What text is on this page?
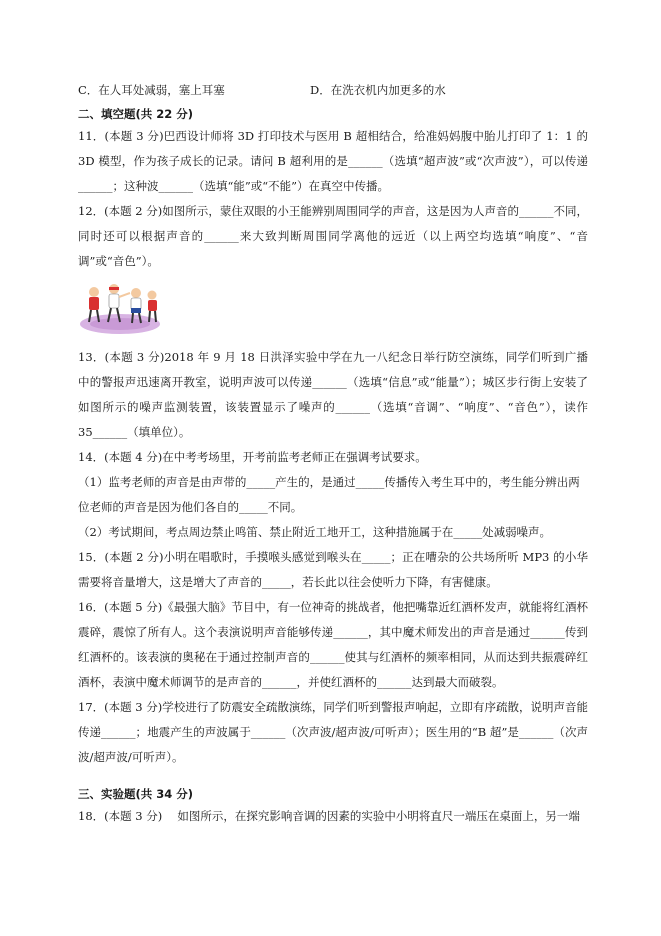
C．在人耳处减弱，塞上耳塞	D．在洗衣机内加更多的水
二、填空题(共 22 分)

11．(本题 3 分)巴西设计师将 3D 打印技术与医用 B 超相结合，给准妈妈腹中胎儿打印了 1：1 的 3D 模型，作为孩子成长的记录。请问 B 超利用的是______（选填“超声波”或“次声波”），可以传递______；这种波______（选填“能”或“不能”）在真空中传播。

12．(本题 2 分)如图所示，蒙住双眼的小王能辨别周围同学的声音，这是因为人声音的______不同，同时还可以根据声音的______来大致判断周围同学离他的远近（以上两空均选填“响度”、“音调”或“音色”）。

13．(本题 3 分)2018 年 9 月 18 日洪泽实验中学在九一八纪念日举行防空演练，同学们听到广播中的警报声迅速离开教室，说明声波可以传递______（选填“信息”或“能量”）；城区步行街上安装了如图所示的噪声监测装置，该装置显示了噪声的______（选填“音调”、“响度”、“音色”），读作 35______（填单位）。

14．(本题 4 分)在中考考场里，开考前监考老师正在强调考试要求。

（1）监考老师的声音是由声带的_____产生的，是通过_____传播传入考生耳中的，考生能分辨出两位老师的声音是因为他们各自的_____不同。

（2）考试期间，考点周边禁止鸣笛、禁止附近工地开工，这种措施属于在_____处减弱噪声。

15．(本题 2 分)小明在唱歌时，手摸喉头感觉到喉头在_____；正在嘈杂的公共场所听 MP3 的小华需要将音量增大，这是增大了声音的_____，若长此以往会使听力下降，有害健康。

16．(本题 5 分)《最强大脑》节目中，有一位神奇的挑战者，他把嘴靠近红酒杯发声，就能将红酒杯震碎，震惊了所有人。这个表演说明声音能够传递______，其中魔术师发出的声音是通过______传到红酒杯的。该表演的奥秘在于通过控制声音的______使其与红酒杯的频率相同，从而达到共振震碎红酒杯，表演中魔术师调节的是声音的______，并使红酒杯的______达到最大而破裂。

17．(本题 3 分)学校进行了防震安全疏散演练，同学们听到警报声响起，立即有序疏散，说明声音能传递______；地震产生的声波属于______（次声波/超声波/可听声）；医生用的“B 超”是______（次声波/超声波/可听声）。

三、实验题(共 34 分)

18．(本题 3 分)　 如图所示，在探究影响音调的因素的实验中小明将直尺一端压在桌面上，另一端
